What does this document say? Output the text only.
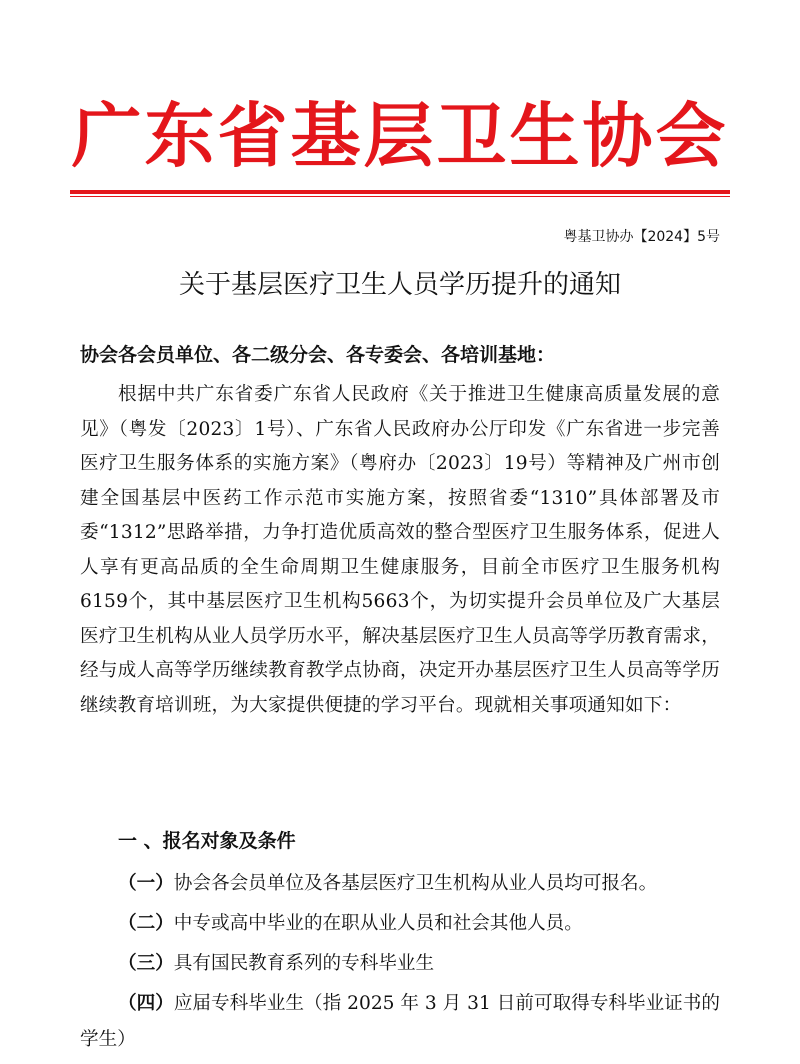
广东省基层卫生协会
粤基卫协办【2024】5号
关于基层医疗卫生人员学历提升的通知
协会各会员单位、各二级分会、各专委会、各培训基地：

根据中共广东省委广东省人民政府《关于推进卫生健康高质量发展的意见》（粤发〔2023〕1号）、广东省人民政府办公厅印发《广东省进一步完善医疗卫生服务体系的实施方案》（粤府办〔2023〕19号）等精神及广州市创建全国基层中医药工作示范市实施方案，按照省委“1310”具体部署及市委“1312”思路举措，力争打造优质高效的整合型医疗卫生服务体系，促进人人享有更高品质的全生命周期卫生健康服务，目前全市医疗卫生服务机构6159个，其中基层医疗卫生机构5663个，为切实提升会员单位及广大基层医疗卫生机构从业人员学历水平，解决基层医疗卫生人员高等学历教育需求，经与成人高等学历继续教育教学点协商，决定开办基层医疗卫生人员高等学历继续教育培训班，为大家提供便捷的学习平台。现就相关事项通知如下：

一 、报名对象及条件
（一）协会各会员单位及各基层医疗卫生机构从业人员均可报名。
（二）中专或高中毕业的在职从业人员和社会其他人员。
（三）具有国民教育系列的专科毕业生
（四）应届专科毕业生（指 2025 年 3 月 31 日前可取得专科毕业证书的学生）
